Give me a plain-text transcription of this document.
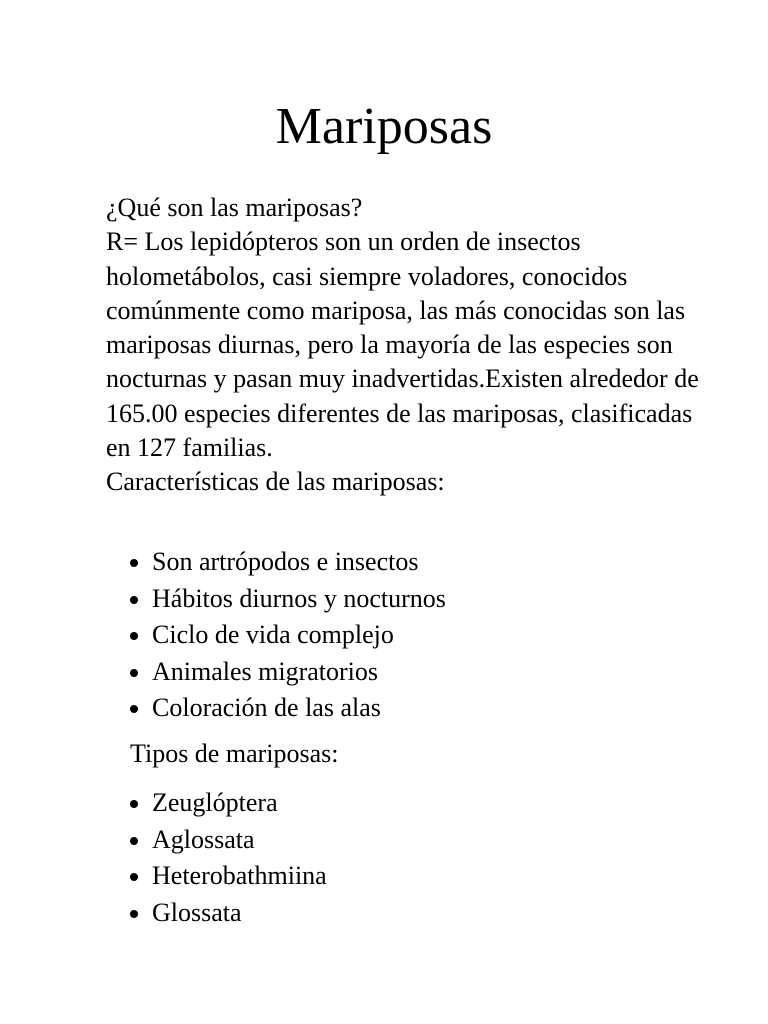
Mariposas

¿Qué son las mariposas?

R= Los lepidópteros son un orden de insectos holometábolos, casi siempre voladores, conocidos comúnmente como mariposa, las más conocidas son las mariposas diurnas, pero la mayoría de las especies son nocturnas y pasan muy inadvertidas.Existen alrededor de 165.00 especies diferentes de las mariposas, clasificadas en 127 familias.

Características de las mariposas:

Son artrópodos e insectos
Hábitos diurnos y nocturnos
Ciclo de vida complejo
Animales migratorios
Coloración de las alas

Tipos de mariposas:

Zeuglóptera
Aglossata
Heterobathmiina
Glossata
